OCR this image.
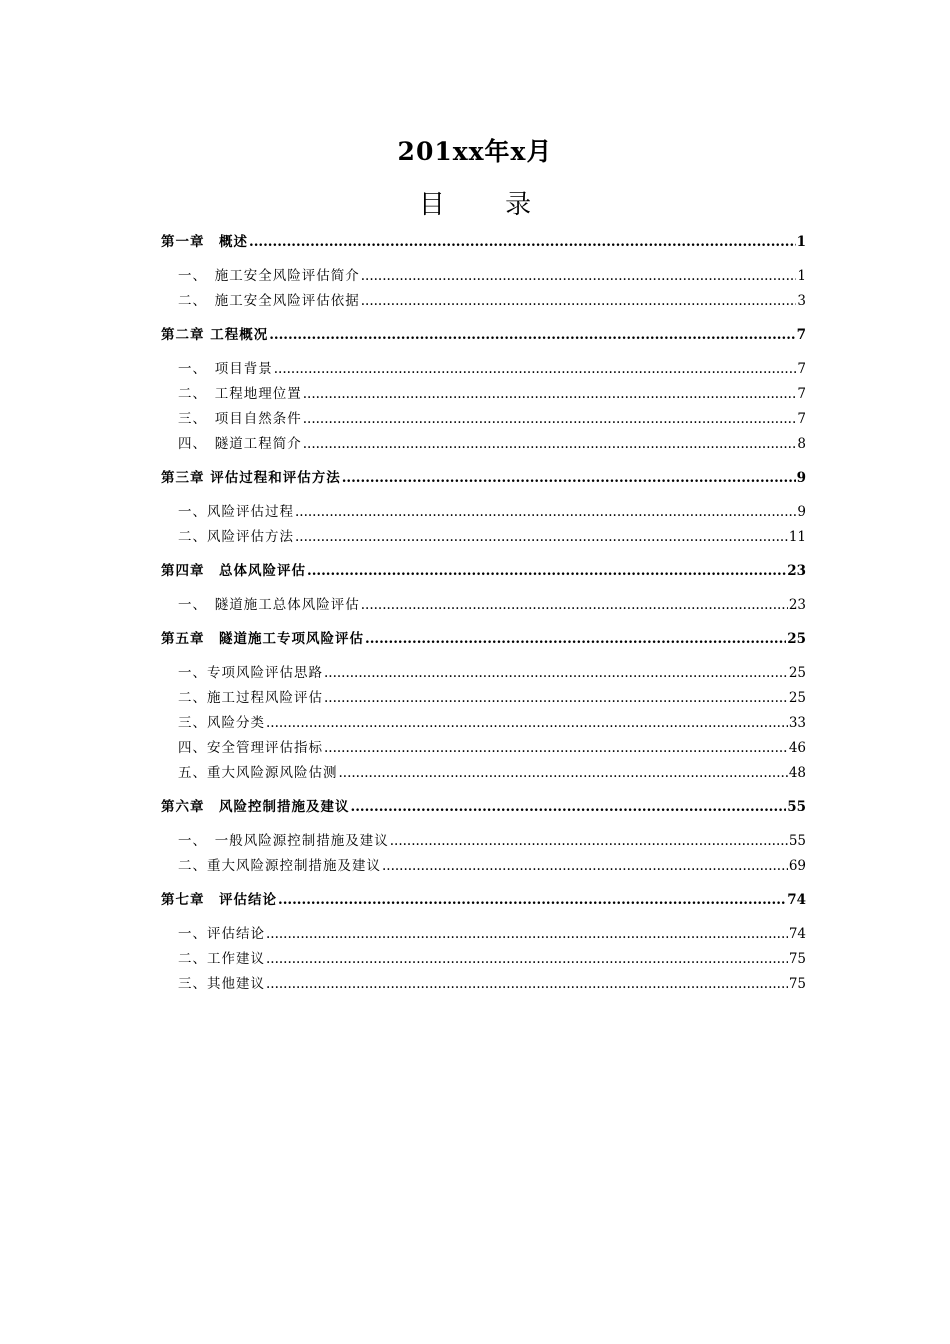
201xx年x月
目 录
第一章　概述 .....	1
一、　施工安全风险评估简介 .....	1
二、　施工安全风险评估依据 .....	3
第二章 工程概况 .....	7
一、　项目背景 .....	7
二、　工程地理位置 .....	7
三、　项目自然条件 .....	7
四、　隧道工程简介 .....	8
第三章 评估过程和评估方法 .....	9
一、风险评估过程 .....	9
二、风险评估方法 .....	11
第四章　总体风险评估 .....	23
一、　隧道施工总体风险评估 .....	23
第五章　隧道施工专项风险评估 .....	25
一、专项风险评估思路 .....	25
二、施工过程风险评估 .....	25
三、风险分类 .....	33
四、安全管理评估指标 .....	46
五、重大风险源风险估测 .....	48
第六章　风险控制措施及建议 .....	55
一、　一般风险源控制措施及建议 .....	55
二、重大风险源控制措施及建议 .....	69
第七章　评估结论 .....	74
一、评估结论 .....	74
二、工作建议 .....	75
三、其他建议 .....	75
